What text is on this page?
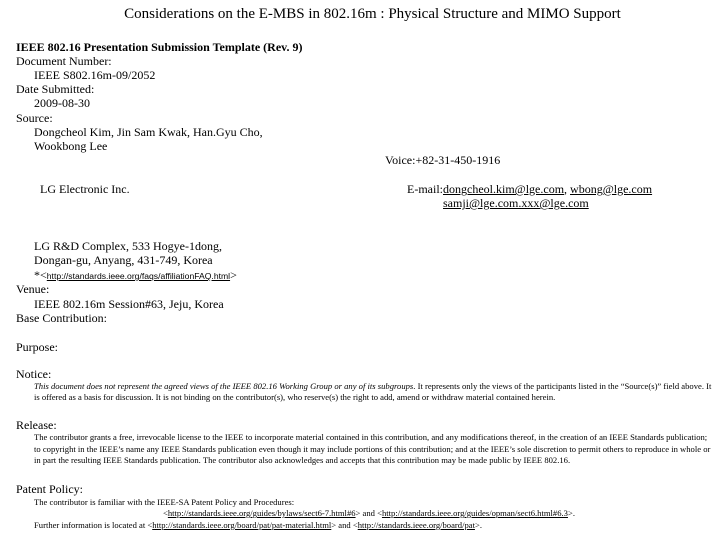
Considerations on the E-MBS in 802.16m : Physical Structure and MIMO Support
IEEE 802.16 Presentation Submission Template (Rev. 9)
Document Number:
IEEE S802.16m-09/2052
Date Submitted:
2009-08-30
Source:
Dongcheol Kim, Jin Sam Kwak, Han.Gyu Cho,
Wookbong Lee
Voice:+82-31-450-1916
LG Electronic Inc.	E-mail:dongcheol.kim@lge.com, wbong@lge.com
samji@lge.com.xxx@lge.com
LG R&D Complex, 533 Hogye-1dong,
Dongan-gu, Anyang, 431-749, Korea
*<http://standards.ieee.org/faqs/affiliationFAQ.html>
Venue:
IEEE 802.16m Session#63, Jeju, Korea
Base Contribution:
Purpose:
Notice:
This document does not represent the agreed views of the IEEE 802.16 Working Group or any of its subgroups. It represents only the views of the participants listed in the “Source(s)” field above. It is offered as a basis for discussion. It is not binding on the contributor(s), who reserve(s) the right to add, amend or withdraw material contained herein.
Release:
The contributor grants a free, irrevocable license to the IEEE to incorporate material contained in this contribution, and any modifications thereof, in the creation of an IEEE Standards publication; to copyright in the IEEE’s name any IEEE Standards publication even though it may include portions of this contribution; and at the IEEE’s sole discretion to permit others to reproduce in whole or in part the resulting IEEE Standards publication. The contributor also acknowledges and accepts that this contribution may be made public by IEEE 802.16.
Patent Policy:
The contributor is familiar with the IEEE-SA Patent Policy and Procedures:
<http://standards.ieee.org/guides/bylaws/sect6-7.html#6> and <http://standards.ieee.org/guides/opman/sect6.html#6.3>.
Further information is located at <http://standards.ieee.org/board/pat/pat-material.html> and <http://standards.ieee.org/board/pat>.
